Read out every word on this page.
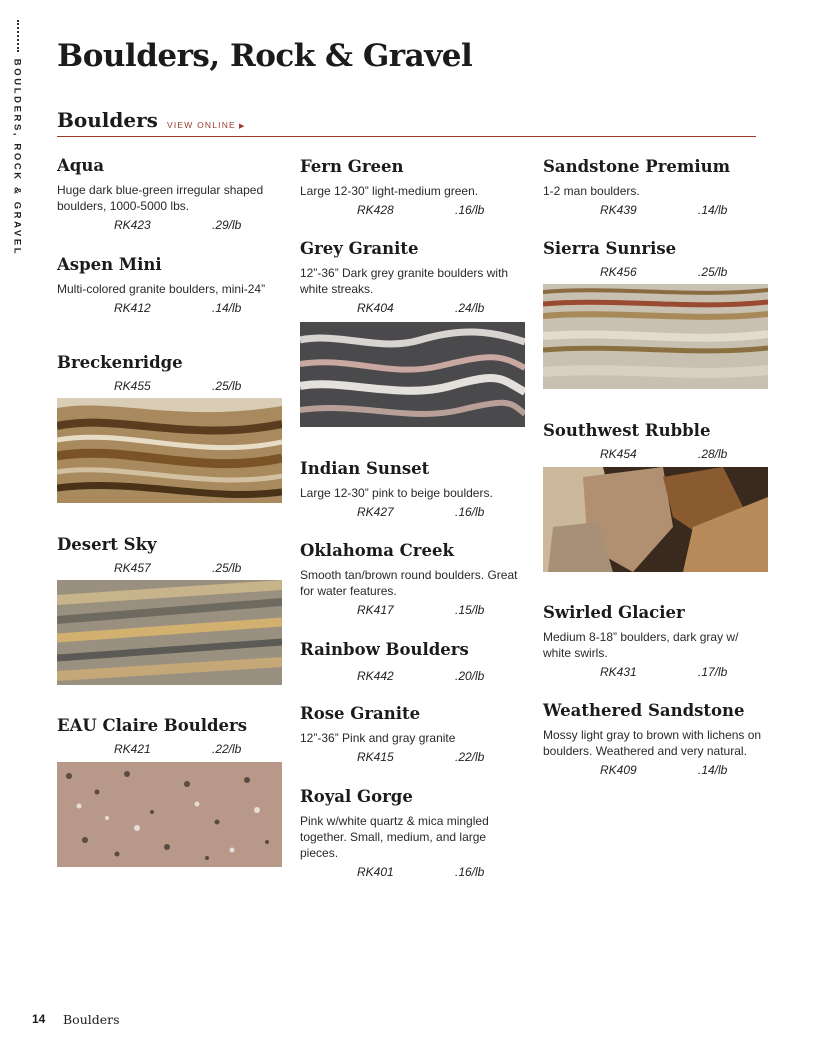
BOULDERS, ROCK & GRAVEL
Boulders, Rock & Gravel
Boulders VIEW ONLINE ▶
Aqua
Huge dark blue-green irregular shaped boulders, 1000-5000 lbs.
RK423	.29/lb
Aspen Mini
Multi-colored granite boulders, mini-24”
RK412	.14/lb
Breckenridge
RK455	.25/lb
Desert Sky
RK457	.25/lb
EAU Claire Boulders
RK421	.22/lb
Fern Green
Large 12-30” light-medium green.
RK428	.16/lb
Grey Granite
12”-36” Dark grey granite boulders with white streaks.
RK404	.24/lb
Indian Sunset
Large 12-30” pink to beige boulders.
RK427	.16/lb
Oklahoma Creek
Smooth tan/brown round boulders. Great for water features.
RK417	.15/lb
Rainbow Boulders
RK442	.20/lb
Rose Granite
12”-36” Pink and gray granite
RK415	.22/lb
Royal Gorge
Pink w/white quartz & mica mingled together. Small, medium, and large pieces.
RK401	.16/lb
Sandstone Premium
1-2 man boulders.
RK439	.14/lb
Sierra Sunrise
RK456	.25/lb
Southwest Rubble
RK454	.28/lb
Swirled Glacier
Medium 8-18” boulders, dark gray w/ white swirls.
RK431	.17/lb
Weathered Sandstone
Mossy light gray to brown with lichens on boulders. Weathered and very natural.
RK409	.14/lb
14 Boulders
